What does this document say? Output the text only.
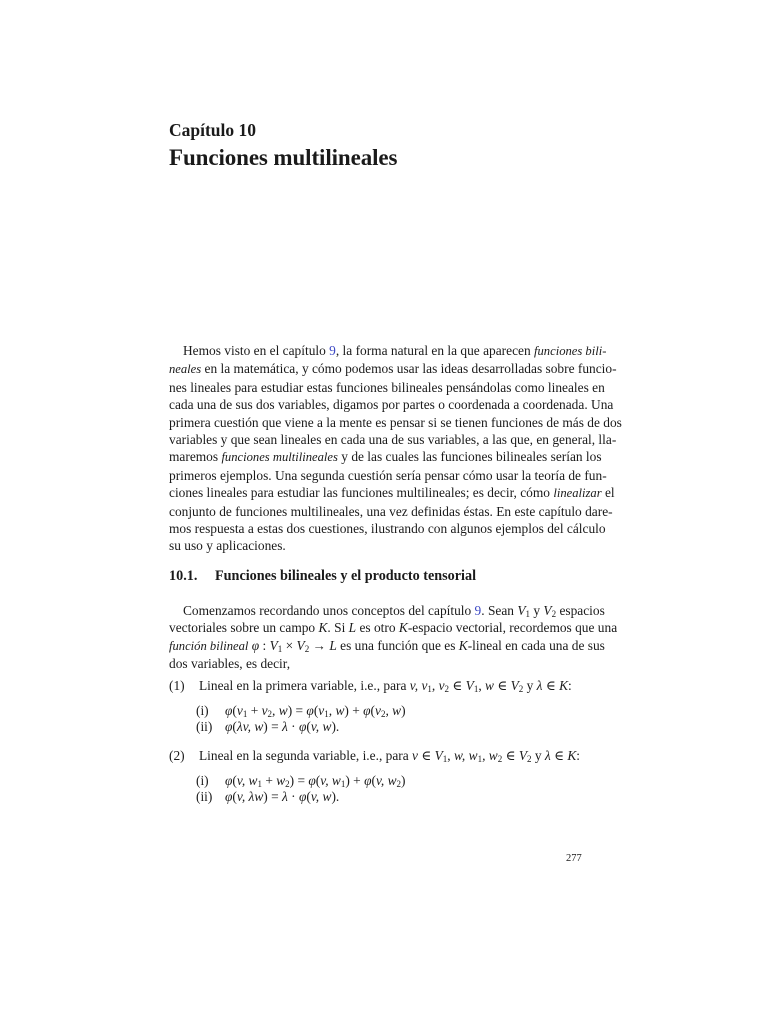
Capítulo 10
Funciones multilineales
Hemos visto en el capítulo 9, la forma natural en la que aparecen funciones bili-
neales en la matemática, y cómo podemos usar las ideas desarrolladas sobre funcio-
nes lineales para estudiar estas funciones bilineales pensándolas como lineales en
cada una de sus dos variables, digamos por partes o coordenada a coordenada. Una
primera cuestión que viene a la mente es pensar si se tienen funciones de más de dos
variables y que sean lineales en cada una de sus variables, a las que, en general, lla-
maremos funciones multilineales y de las cuales las funciones bilineales serían los
primeros ejemplos. Una segunda cuestión sería pensar cómo usar la teoría de fun-
ciones lineales para estudiar las funciones multilineales; es decir, cómo linealizar el
conjunto de funciones multilineales, una vez definidas éstas. En este capítulo dare-
mos respuesta a estas dos cuestiones, ilustrando con algunos ejemplos del cálculo
su uso y aplicaciones.
10.1. Funciones bilineales y el producto tensorial
Comenzamos recordando unos conceptos del capítulo 9. Sean $V_1$ y $V_2$ espacios
vectoriales sobre un campo K. Si L es otro K-espacio vectorial, recordemos que una
función bilineal φ : $V_1 \times V_2 \to L$ es una función que es K-lineal en cada una de sus
dos variables, es decir,
(1) Lineal en la primera variable, i.e., para v, $v_1$, $v_2$ ∈ $V_1$, w ∈ $V_2$ y λ ∈ K:
(i) $\varphi(v_1 + v_2$, $w) = \varphi(v_1$, $w) + \varphi(v_2$, w)
(ii) φ(λv, w) = λ · φ(v, w).
(2) Lineal en la segunda variable, i.e., para v ∈ $V_1$, w, $w_1$, $w_2$ ∈ $V_2$ y λ ∈ K:
(i) φ(v, $w_1 + w_2) = \varphi(v$, $w_1) + \varphi(v$, $w_2$)
(ii) φ(v, λw) = λ · φ(v, w).
277
